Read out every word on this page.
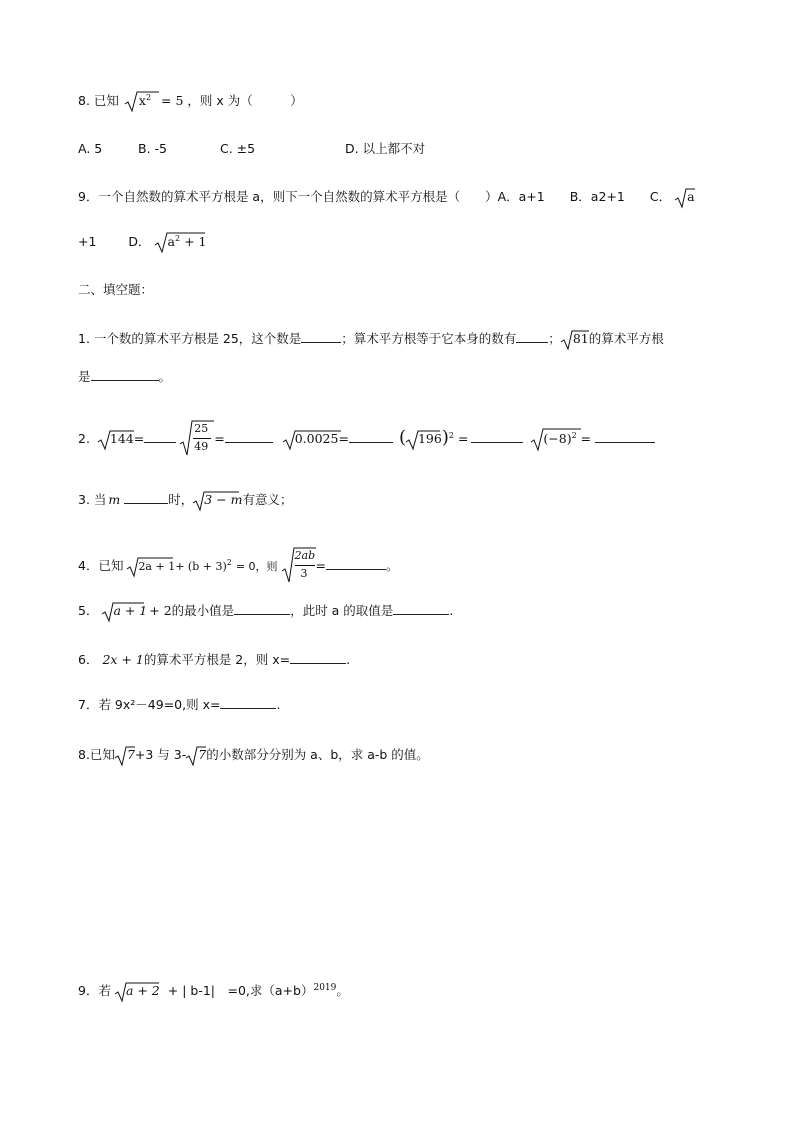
8. 已知 $x^2 = 5$ ，则 x 为（　　　）
A. 5	B. -5	C. ±5	D. 以上都不对
9．一个自然数的算术平方根是 a，则下一个自然数的算术平方根是（　　）A．a+1　　B．a2+1　　C． a
+1	D． $a^2 + 1$
二、填空题：
1. 一个数的算术平方根是 25，这个数是	；算术平方根等于它本身的数有	； 81的算术平方根
是	。
2. 144=	$\frac{25}{49}$ =	0.0025=	( 196)$^2$ =	$(-8)^2$ =
3. 当 m	时， 3 − m有意义；
4．已知 $2a + 1+ (b + 3)^2 = 0$，则 $\frac{2ab}{3}$ =	。
5． a + 1 + 2的最小值是	，此时 a 的取值是	.
6． 2x + 1的算术平方根是 2，则 x=	.
7．若 9x²－49=0,则 x=	.
8.已知 7+3 与 3- 7的小数部分分别为 a、b，求 a-b 的值。
9．若 a + 2 + | b-1|　=0,求$(a+b)^{2019}$。
